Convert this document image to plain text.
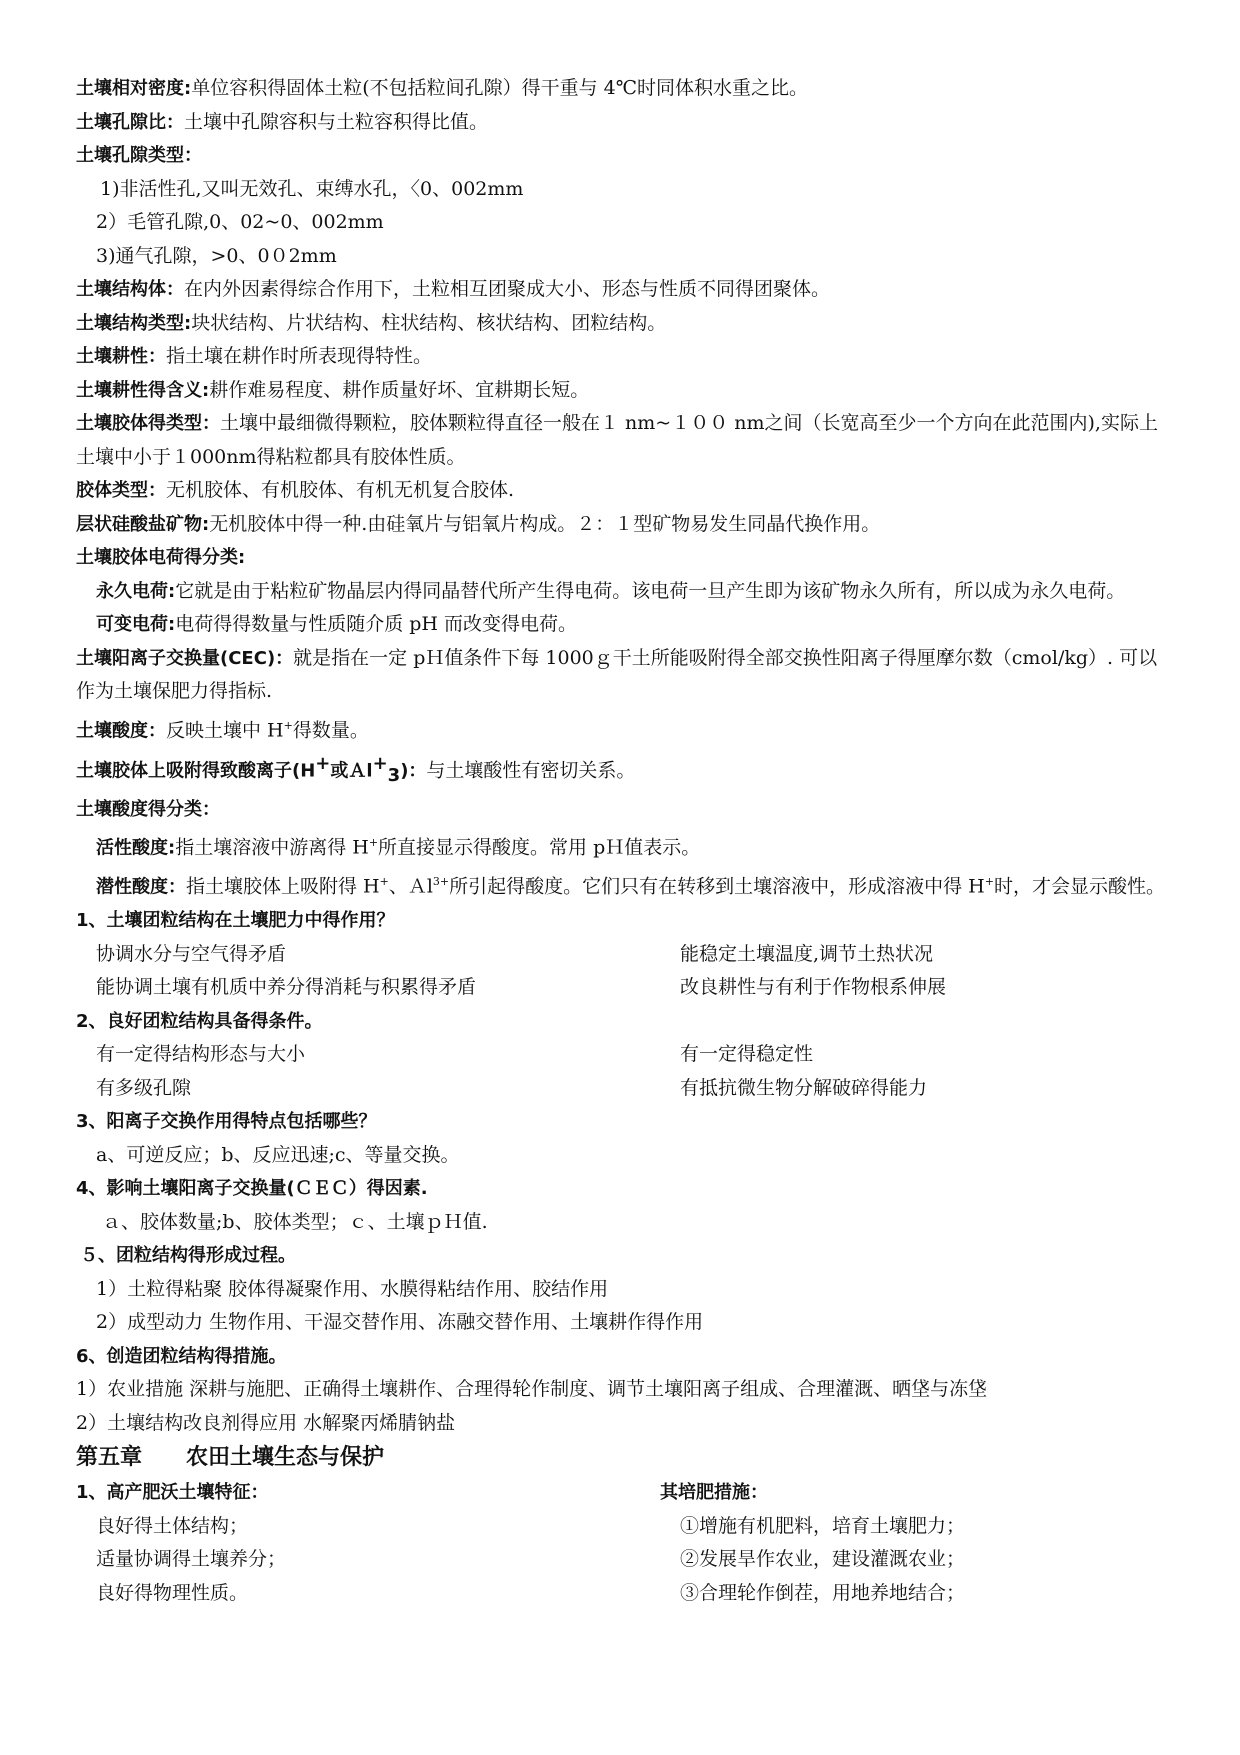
土壤相对密度:单位容积得固体土粒(不包括粒间孔隙）得干重与 4℃时同体积水重之比。
土壤孔隙比：土壤中孔隙容积与土粒容积得比值。
土壤孔隙类型：
1)非活性孔,又叫无效孔、束缚水孔，〈0、002mm
2）毛管孔隙,0、02~0、002mm
3)通气孔隙，>0、0０2mm
土壤结构体：在内外因素得综合作用下，土粒相互团聚成大小、形态与性质不同得团聚体。
土壤结构类型:块状结构、片状结构、柱状结构、核状结构、团粒结构。
土壤耕性：指土壤在耕作时所表现得特性。
土壤耕性得含义:耕作难易程度、耕作质量好坏、宜耕期长短。
土壤胶体得类型：土壤中最细微得颗粒，胶体颗粒得直径一般在１ nm~１００ nm之间（长宽高至少一个方向在此范围内),实际上土壤中小于１000nm得粘粒都具有胶体性质。
胶体类型：无机胶体、有机胶体、有机无机复合胶体.
层状硅酸盐矿物:无机胶体中得一种.由硅氧片与铝氧片构成。２：１型矿物易发生同晶代换作用。
土壤胶体电荷得分类:
永久电荷:它就是由于粘粒矿物晶层内得同晶替代所产生得电荷。该电荷一旦产生即为该矿物永久所有，所以成为永久电荷。
可变电荷:电荷得得数量与性质随介质 pH 而改变得电荷。
土壤阳离子交换量(CEC)：就是指在一定 pＨ值条件下每 1000ｇ干土所能吸附得全部交换性阳离子得厘摩尔数（cmol/kg）. 可以作为土壤保肥力得指标.
土壤酸度：反映土壤中 H+得数量。
土壤胶体上吸附得致酸离子(H+或Ａl+$_3$)：与土壤酸性有密切关系。
土壤酸度得分类：
活性酸度:指土壤溶液中游离得 H+所直接显示得酸度。常用 pＨ值表示。
潜性酸度：指土壤胶体上吸附得 H+、Ａl$^{3+}$所引起得酸度。它们只有在转移到土壤溶液中，形成溶液中得 H+时，才会显示酸性。
1、土壤团粒结构在土壤肥力中得作用？
协调水分与空气得矛盾	能稳定土壤温度,调节土热状况
能协调土壤有机质中养分得消耗与积累得矛盾	改良耕性与有利于作物根系伸展
2、良好团粒结构具备得条件。
有一定得结构形态与大小	有一定得稳定性
有多级孔隙	有抵抗微生物分解破碎得能力
3、阳离子交换作用得特点包括哪些？
a、可逆反应；b、反应迅速;c、等量交换。
4、影响土壤阳离子交换量(ＣＥＣ）得因素.
ａ、胶体数量;b、胶体类型；ｃ、土壤ｐＨ值.
５、团粒结构得形成过程。
1）土粒得粘聚 胶体得凝聚作用、水膜得粘结作用、胶结作用
2）成型动力 生物作用、干湿交替作用、冻融交替作用、土壤耕作得作用
6、创造团粒结构得措施。
1）农业措施 深耕与施肥、正确得土壤耕作、合理得轮作制度、调节土壤阳离子组成、合理灌溉、晒垡与冻垡
2）土壤结构改良剂得应用 水解聚丙烯腈钠盐
第五章 农田土壤生态与保护
1、高产肥沃土壤特征：	其培肥措施：
良好得土体结构；	①增施有机肥料，培育土壤肥力；
适量协调得土壤养分；	②发展旱作农业，建设灌溉农业；
良好得物理性质。	③合理轮作倒茬，用地养地结合；
